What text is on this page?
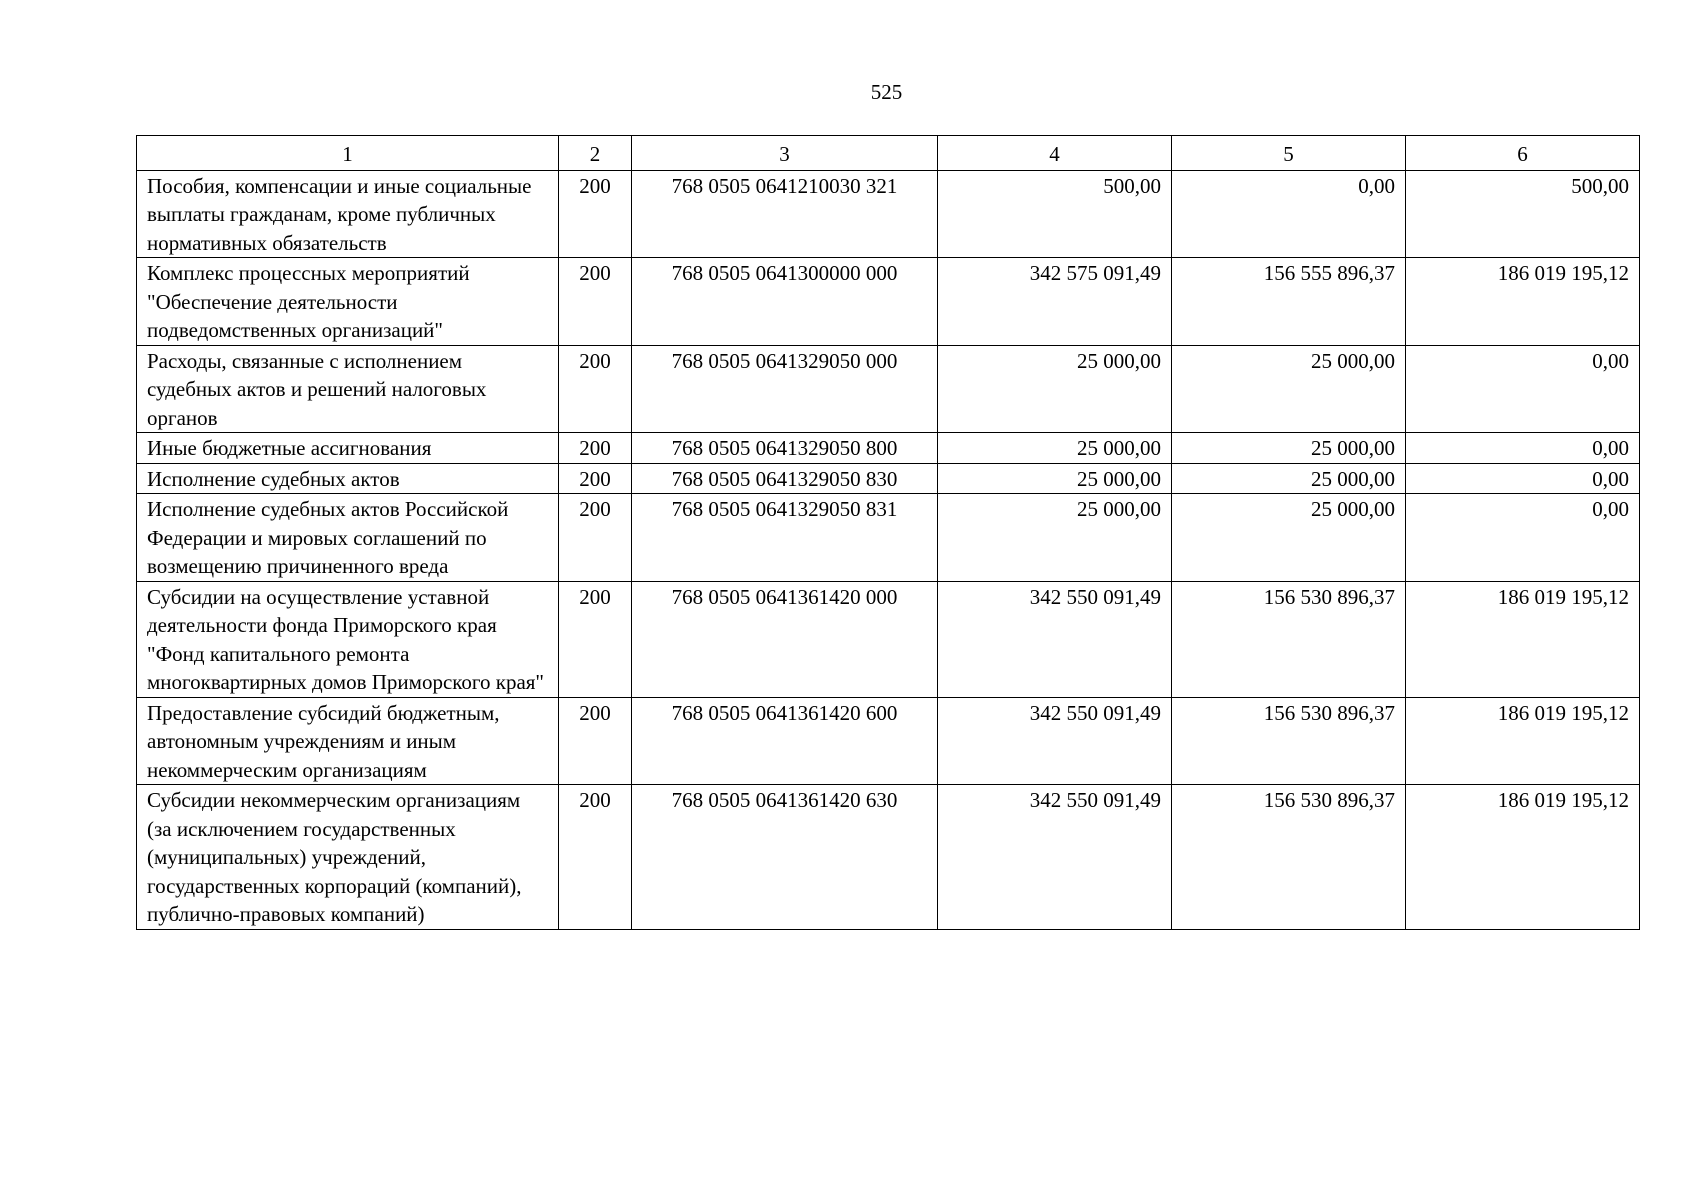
525
1	2	3	4	5	6
Пособия, компенсации и иные социальные выплаты гражданам, кроме публичных нормативных обязательств	200	768 0505 0641210030 321	500,00	0,00	500,00
Комплекс процессных мероприятий "Обеспечение деятельности подведомственных организаций"	200	768 0505 0641300000 000	342 575 091,49	156 555 896,37	186 019 195,12
Расходы, связанные с исполнением судебных актов и решений налоговых органов	200	768 0505 0641329050 000	25 000,00	25 000,00	0,00
Иные бюджетные ассигнования	200	768 0505 0641329050 800	25 000,00	25 000,00	0,00
Исполнение судебных актов	200	768 0505 0641329050 830	25 000,00	25 000,00	0,00
Исполнение судебных актов Российской Федерации и мировых соглашений по возмещению причиненного вреда	200	768 0505 0641329050 831	25 000,00	25 000,00	0,00
Субсидии на осуществление уставной деятельности фонда Приморского края "Фонд капитального ремонта многоквартирных домов Приморского края"	200	768 0505 0641361420 000	342 550 091,49	156 530 896,37	186 019 195,12
Предоставление субсидий бюджетным, автономным учреждениям и иным некоммерческим организациям	200	768 0505 0641361420 600	342 550 091,49	156 530 896,37	186 019 195,12
Субсидии некоммерческим организациям (за исключением государственных (муниципальных) учреждений, государственных корпораций (компаний), публично-правовых компаний)	200	768 0505 0641361420 630	342 550 091,49	156 530 896,37	186 019 195,12
